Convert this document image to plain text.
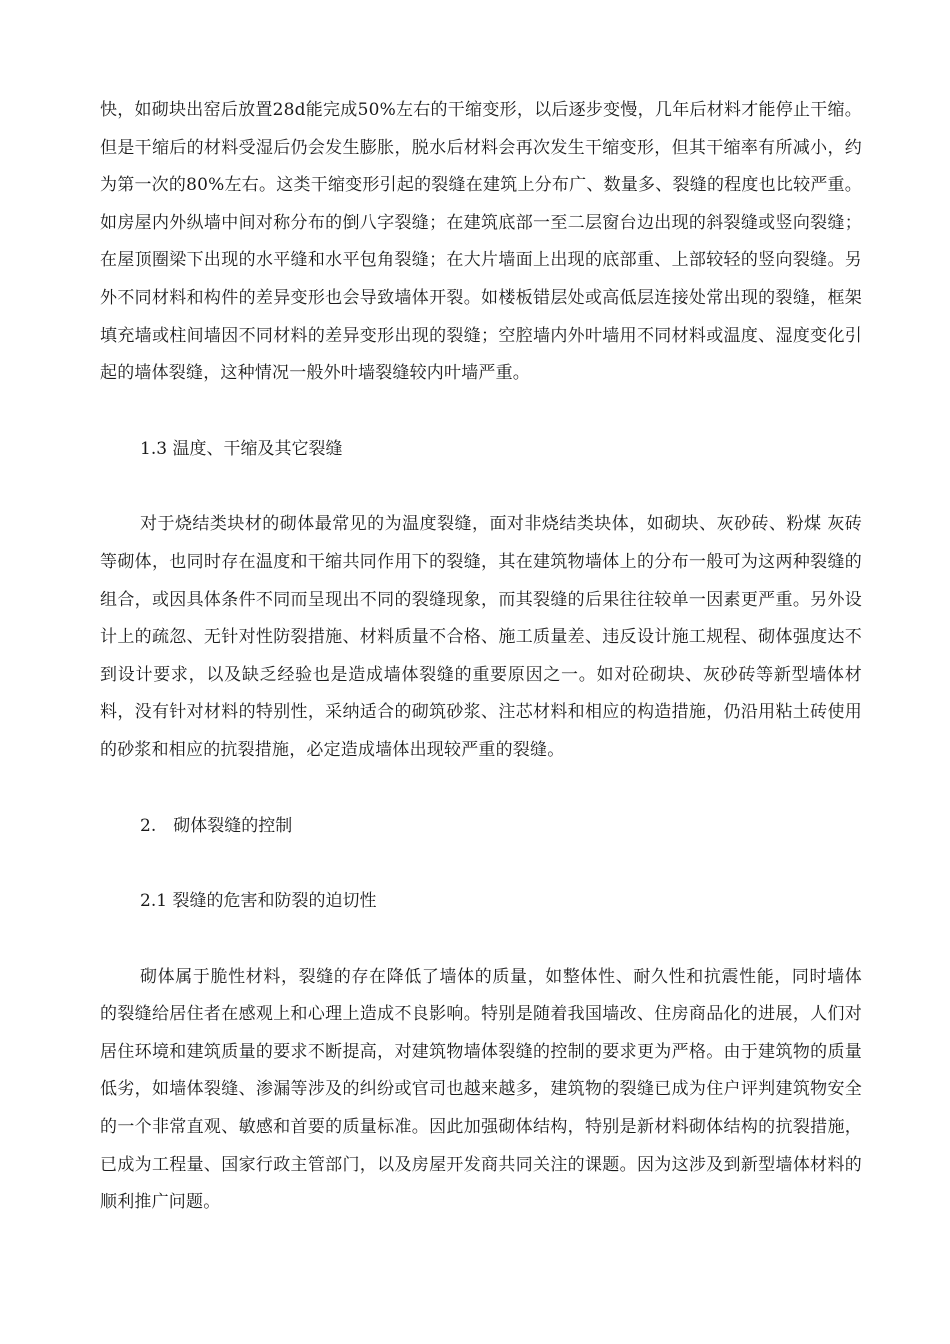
快，如砌块出窑后放置28d能完成50%左右的干缩变形，以后逐步变慢，几年后材料才能停止干缩。但是干缩后的材料受湿后仍会发生膨胀，脱水后材料会再次发生干缩变形，但其干缩率有所减小，约为第一次的80%左右。这类干缩变形引起的裂缝在建筑上分布广、数量多、裂缝的程度也比较严重。如房屋内外纵墙中间对称分布的倒八字裂缝；在建筑底部一至二层窗台边出现的斜裂缝或竖向裂缝；在屋顶圈梁下出现的水平缝和水平包角裂缝；在大片墙面上出现的底部重、上部较轻的竖向裂缝。另外不同材料和构件的差异变形也会导致墙体开裂。如楼板错层处或高低层连接处常出现的裂缝，框架填充墙或柱间墙因不同材料的差异变形出现的裂缝；空腔墙内外叶墙用不同材料或温度、湿度变化引起的墙体裂缝，这种情况一般外叶墙裂缝较内叶墙严重。

1.3 温度、干缩及其它裂缝

对于烧结类块材的砌体最常见的为温度裂缝，面对非烧结类块体，如砌块、灰砂砖、粉煤 灰砖等砌体，也同时存在温度和干缩共同作用下的裂缝，其在建筑物墙体上的分布一般可为这两种裂缝的组合，或因具体条件不同而呈现出不同的裂缝现象，而其裂缝的后果往往较单一因素更严重。另外设计上的疏忽、无针对性防裂措施、材料质量不合格、施工质量差、违反设计施工规程、砌体强度达不到设计要求，以及缺乏经验也是造成墙体裂缝的重要原因之一。如对砼砌块、灰砂砖等新型墙体材料，没有针对材料的特别性，采纳适合的砌筑砂浆、注芯材料和相应的构造措施，仍沿用粘土砖使用的砂浆和相应的抗裂措施，必定造成墙体出现较严重的裂缝。

2.　砌体裂缝的控制

2.1 裂缝的危害和防裂的迫切性

砌体属于脆性材料，裂缝的存在降低了墙体的质量，如整体性、耐久性和抗震性能，同时墙体的裂缝给居住者在感观上和心理上造成不良影响。特别是随着我国墙改、住房商品化的进展，人们对居住环境和建筑质量的要求不断提高，对建筑物墙体裂缝的控制的要求更为严格。由于建筑物的质量低劣，如墙体裂缝、渗漏等涉及的纠纷或官司也越来越多，建筑物的裂缝已成为住户评判建筑物安全的一个非常直观、敏感和首要的质量标准。因此加强砌体结构，特别是新材料砌体结构的抗裂措施，已成为工程量、国家行政主管部门，以及房屋开发商共同关注的课题。因为这涉及到新型墙体材料的顺利推广问题。
